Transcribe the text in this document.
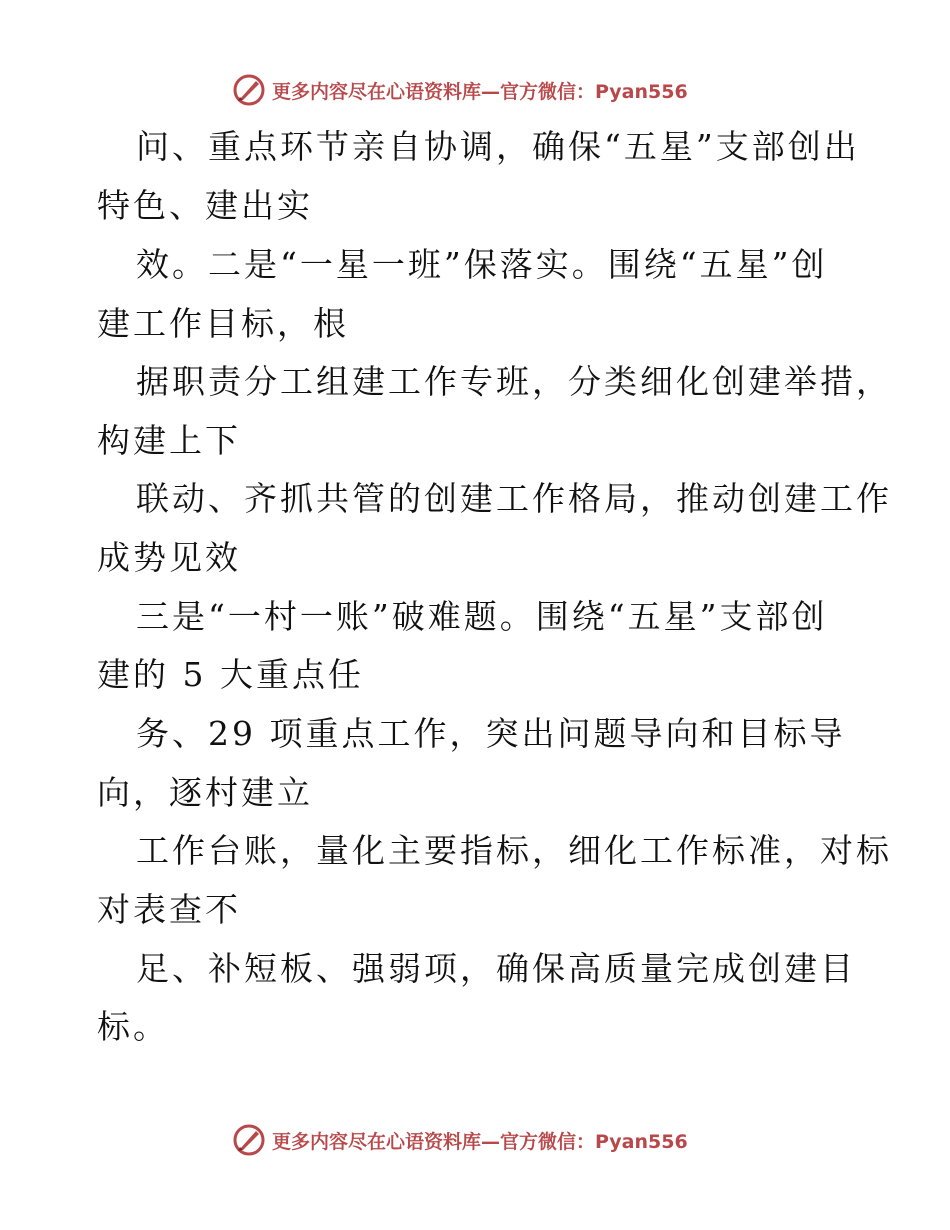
更多内容尽在心语资料库—官方微信：Pyan556
问、重点环节亲自协调，确保“五星”支部创出
特色、建出实
效。二是“一星一班”保落实。围绕“五星”创
建工作目标，根
据职责分工组建工作专班，分类细化创建举措，
构建上下
联动、齐抓共管的创建工作格局，推动创建工作
成势见效
三是“一村一账”破难题。围绕“五星”支部创
建的 5 大重点任
务、29 项重点工作，突出问题导向和目标导
向，逐村建立
工作台账，量化主要指标，细化工作标准，对标
对表查不
足、补短板、强弱项，确保高质量完成创建目
标。
更多内容尽在心语资料库—官方微信：Pyan556
